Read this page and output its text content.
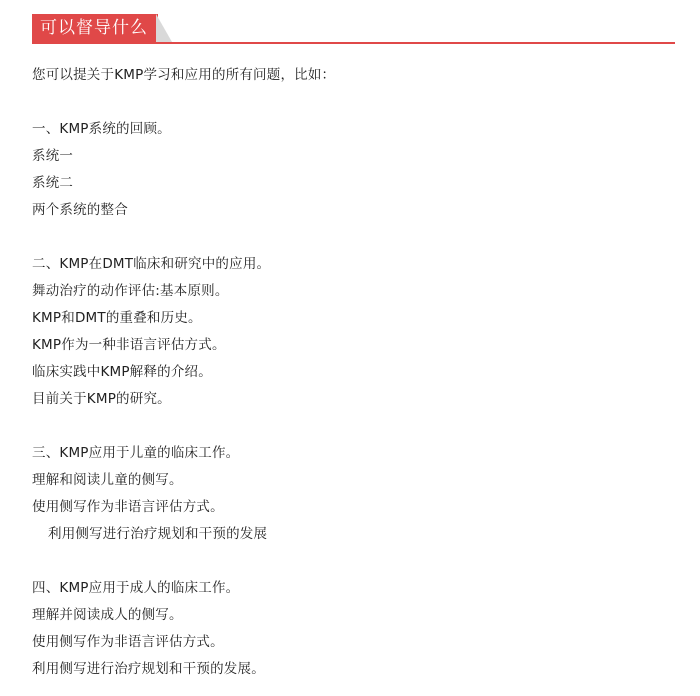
可以督导什么
您可以提关于KMP学习和应用的所有问题，比如：
一、KMP系统的回顾。
系统一
系统二
两个系统的整合
二、KMP在DMT临床和研究中的应用。
舞动治疗的动作评估:基本原则。
KMP和DMT的重叠和历史。
KMP作为一种非语言评估方式。
临床实践中KMP解释的介绍。
目前关于KMP的研究。
三、KMP应用于儿童的临床工作。
理解和阅读儿童的侧写。
使用侧写作为非语言评估方式。
利用侧写进行治疗规划和干预的发展
四、KMP应用于成人的临床工作。
理解并阅读成人的侧写。
使用侧写作为非语言评估方式。
利用侧写进行治疗规划和干预的发展。
